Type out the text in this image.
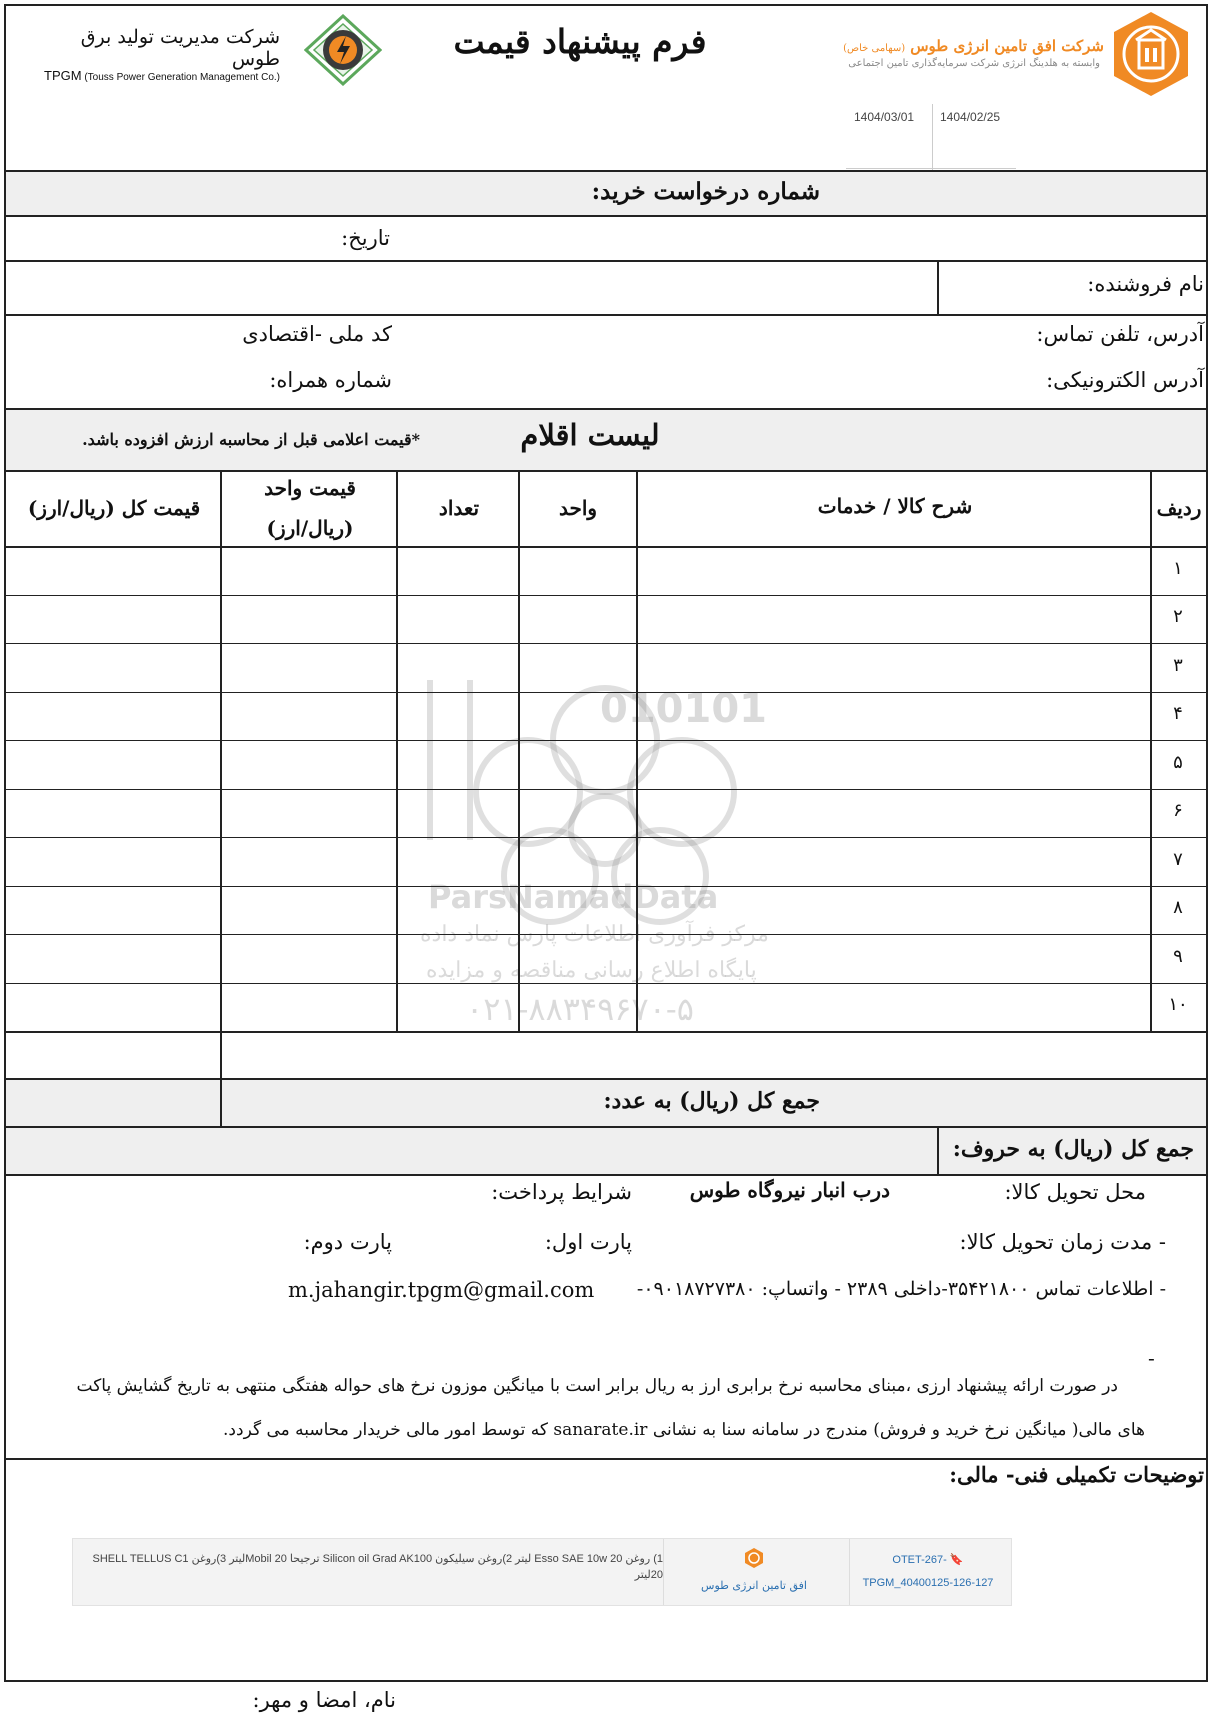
شرکت مدیریت تولید برق طوس
TPGM (Touss Power Generation Management Co.)
فرم پیشنهاد قیمت	شرکت افق تامین انرژی طوس (سهامی خاص)
وابسته به هلدینگ انرژی شرکت سرمایه‌گذاری تامین اجتماعی
1404/03/01 1404/02/25
شماره درخواست خرید:
تاریخ:
نام فروشنده:
آدرس، تلفن تماس:
کد ملی -اقتصادی
آدرس الکترونیکی:
شماره همراه:
لیست اقلام
*قیمت اعلامی قبل از محاسبه ارزش افزوده باشد.
010101
ParsNamadData
مرکز فرآوری اطلاعات پارس نماد داده
پایگاه اطلاع رسانی مناقصه و مزایده
۰۲۱-۸۸۳۴۹۶۷۰-۵
ردیف
شرح کالا / خدمات
واحد
تعداد
قیمت واحد
(ریال/ارز)
قیمت کل (ریال/ارز)
۱
۲
۳
۴
۵
۶
۷
۸
۹
۱۰
جمع کل (ریال) به عدد:
جمع کل (ریال) به حروف:
محل تحویل کالا:
درب انبار نیروگاه طوس
شرایط پرداخت:
- مدت زمان تحویل کالا:
پارت اول:
پارت دوم:
- اطلاعات تماس ۳۵۴۲۱۸۰۰-داخلی ۲۳۸۹ - واتساپ: ۰۹۰۱۸۷۲۷۳۸۰-
m.jahangir.tpgm@gmail.com
-
در صورت ارائه پیشنهاد ارزی ،مبنای محاسبه نرخ برابری ارز به ریال برابر است با میانگین موزون نرخ های حواله هفتگی منتهی به تاریخ گشایش پاکت
های مالی( میانگین نرخ خرید و فروش) مندرج در سامانه سنا به نشانی sanarate.ir که توسط امور مالی خریدار محاسبه می گردد.
توضیحات تکمیلی فنی- مالی:
1) روغن Esso SAE 10w 20 لیتر 2)روغن سیلیکون Silicon oil Grad AK100 ترجیحا Mobil 20لیتر 3)روغن SHELL TELLUS C1 20لیتر
افق تامین انرژی طوس
OTET-267- 🔖
TPGM_40400125-126-127
نام، امضا و مهر:
